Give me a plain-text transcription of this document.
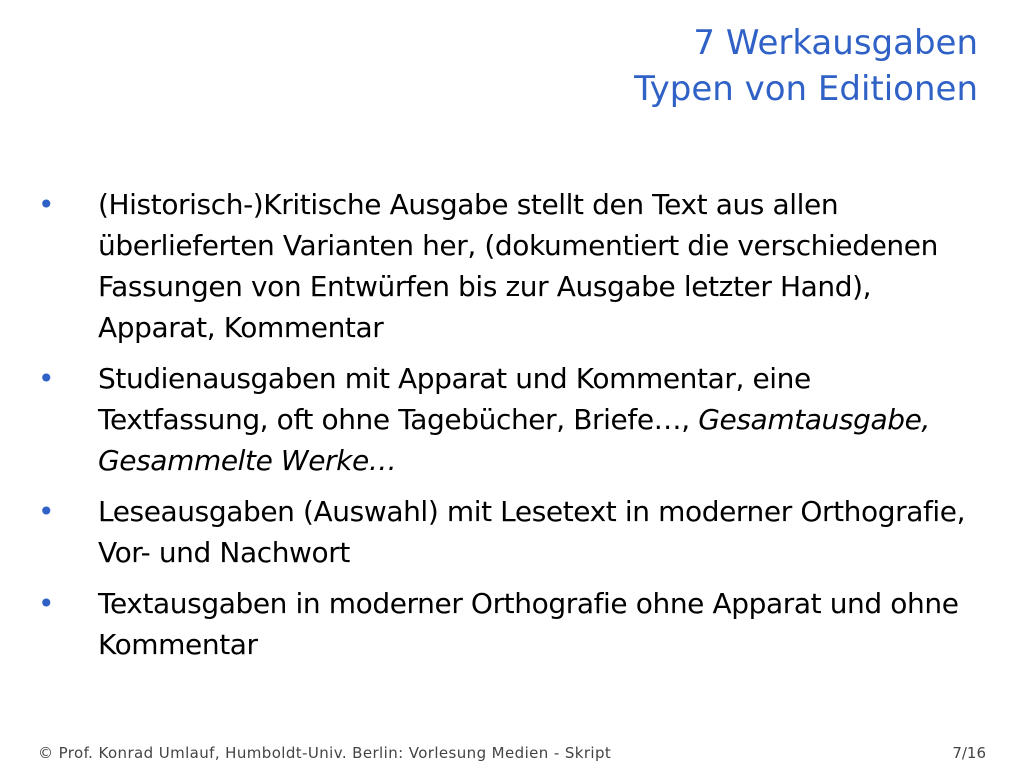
7 Werkausgaben
Typen von Editionen
• (Historisch-)Kritische Ausgabe stellt den Text aus allen überlieferten Varianten her, (dokumentiert die verschiedenen Fassungen von Entwürfen bis zur Ausgabe letzter Hand), Apparat, Kommentar
• Studienausgaben mit Apparat und Kommentar, eine Textfassung, oft ohne Tagebücher, Briefe…, Gesamtausgabe, Gesammelte Werke…
• Leseausgaben (Auswahl) mit Lesetext in moderner Orthografie, Vor- und Nachwort
• Textausgaben in moderner Orthografie ohne Apparat und ohne Kommentar
© Prof. Konrad Umlauf, Humboldt-Univ. Berlin: Vorlesung Medien - Skript	7/16
